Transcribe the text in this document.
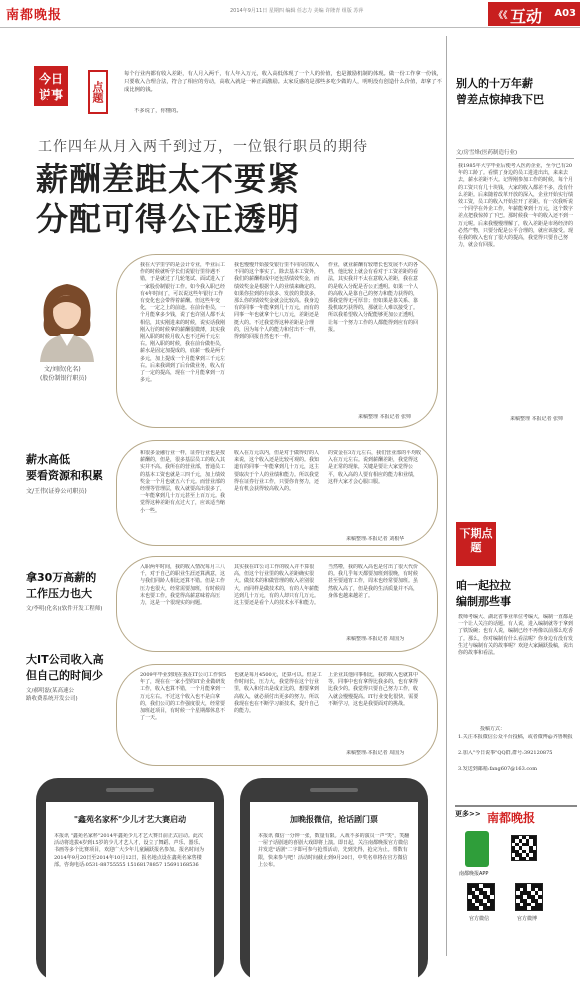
南都晚报	2014年9月11日 星期四 编辑 任志力 美编 许隆青 组版 苏萍	《《 互动 A03
今日说事	点题
每个行业内都有收入差距，有人月入两千，有人年入万元，收入高低体现了一个人的价值，也是激励机制的体现。做一份工作拿一份钱，只要收入合理合法，符合了相应的劳动，高收入就是一种正面激励。太家反感的是那些多吃少做的人，明明没有创造什么价值，却拿了不成比例的钱。
不多说了，你懂的。
工作四年从月入两千到过万，一位银行职员的期待
薪酬差距太不要紧
分配可得公正透明
别人的十万年薪
曾差点惊掉我下巴
文/房雪烽(医药制造行业)
我1985年大学毕业后便考入医药企业，至今已有20年的工龄了。看惯了身边的员工进进出出，来来去去，薪水差距不大。记得刚参加工作的时候，每个月的工资只有几十块钱，大家的收入都差不多，没有什么差距。后来随着改革开放的深入，企业开始实行绩效工资，员工的收入开始拉开了差距。有一次我听说一个同学在外企工作，年薪能拿到十万元，这个数字差点把我惊掉了下巴。那时候我一年的收入还不到一万元呢。后来我慢慢理解了，收入差距是市场经济的必然产物，只要分配是公平合理的，就应该接受。现在我的收入也有了很大的提高，我觉得只要自己努力，就会有回报。
来稿整理 本报记者 张帅
下期点题
咱一起拉拉
编制那些事
教师考编大、湖北省事业单位考编大，编制一直都是一个让人关注的话题。有人说，进入编制就等于拿到了铁饭碗；也有人说，编制已经不再像以前那么吃香了。那么，你对编制有什么看法呢？你身边有没有发生过与编制有关的故事呢？欢迎大家踊跃投稿，说出你的故事和看法。
投稿方式：
1.关注本报微信公众平台投稿，或者微博@齐鲁晚报
2.加入"今日说事"QQ群,群号:392120875
3.发送到邮箱:fang607@163.com
更多>> 南都晚报
南都晚报APP
官方微信	官方微博
文/刘欣(化名)
(股份制银行职员)
薪水高低
要看资源和积累
文/王伟(证券公司职员)
拿30万高薪的
工作压力也大
文/李明(化名)(软件开发工程师)
大IT公司收入高
但自己的时间少
文/郝明磊(某高速公
路收费系统开发公司)
我在大学里学的是会计专业，毕业后工作的时候就听学长们说银行里待遇不错，于是就过了几轮笔试、面试进入了一家股份制银行工作。如今我入职已经有4年时间了，可以说这些年银行工作有变化也会带得着薪酬。但这些年变化，一定之上的前途。在前台柜员，一个月能拿多少钱，说了也许别人都不太相信，其实刚进来的时候，说实话我刚刚入行的时候拿的薪酬很微薄，其实我刚入职的时候月收入也不过两千元左右。刚入职的时候，我在前台做柜员，薪水是固定加提成的，底薪一般是两千多元，加上提成一个月能拿到三千元左右。后来我调到了后台做业务，收入有了一定的提高，现在一个月能拿到一万多元。
我也慢慢开始接受银行里不同岗位收入不同的这个事实了。除去基本工资外，我们的薪酬构成中还包括绩效奖金，而绩效奖金是根据个人的业绩来确定的。如果你拉到的存款多、发放的贷款多，那么你的绩效奖金就会比较高。我身边有的同事一年能拿到几十万元，而有的同事一年也就拿个七八万元，差距还是挺大的。不过我觉得这种差距是合理的，因为每个人的能力和付出不一样，得到的回报自然也不一样。
作业，就业薪酬有较增长也发展不大的各档，他比较上就会有看对于工资差距的看法，其实我并不太在意收入差距，我在意的是收入分配是否公正透明。如果一个人的高收入是靠自己的努力和能力获得的，那我觉得无可厚非；但如果是靠关系、靠投机取巧获得的，那就让人难以接受了。所以我希望收入分配能够更加公正透明，让每一个努力工作的人都能得到应有的回报。
来稿整理 本报记者 张帅
和很多金融行业一样，证券行业也是按薪酬的，但是，很多基层员工的收入其实并不高。我所在的营业部，普通员工的基本工资也就是三四千元，加上绩效奖金一个月也就五六千元。而营业部的经理等管理层，收入就要高出很多了，一年能拿到几十万元甚至上百万元。我觉得这种差距有点过大了，应该适当缩小一些。
收入在万元以内，但是对于做得好的人来说，这个收入还是比较可观的。我知道有的同事一年能拿到几十万元，这主要取决于个人的业绩和能力。所以我觉得在证券行业工作，只要你肯努力，还是有机会获得较高收入的。
的资金在3万元左右，我们营业部的平均收入在万元左右。说到薪酬差距，我觉得这是正常的现象，关键是要让大家觉得公平，收入高的人要有相应的能力和业绩，这样大家才会心服口服。
来稿整理:本报记者 刘根华
入职两年时间，我的收入情况每月三八千，对于自己的职业生涯还算满意，这与我们同龄人相比还算不错。但是工作压力也很大，经常需要加班，有时候周末也要工作。我觉得高薪意味着高压力，这是一个很现实的问题。
其实我在IT公司工作的收入并不算很高，但这个行业里的收入差距确实很大。做技术的和做管理的收入差别很大，而同样是做技术的，有的人年薪能达到几十万元，有的人却只有几万元。这主要还是看个人的技术水平和能力。
当然啦，我的收入高也是付出了很大代价的。我几乎每天都要加班到很晚，有时候甚至要通宵工作，周末也经常要加班。虽然收入高了，但是我的生活质量并不高，身体也越来越差了。
来稿整理:本报记者 周国为
2009年毕业到现在我在IT公司工作快5年了，现在在一家小型的IT企业做研发工作，收入也算不错，一个月能拿到一万元左右。不过这个收入也不是白拿的，我们公司的工作强度很大，经常要加班赶项目，有时候一个星期都休息不了一天。
也就是每月4500元，还算可以。但是工作时间长，压力大，我觉得在这个行业里，收入和付出是成正比的，想要拿到高收入，就必须付出更多的努力。所以我现在也在不断学习新技术，提升自己的能力。
上企业其他同事相比，我的收入也就算中等，同事中也有拿得比我多的，也有拿得比我少的。我觉得只要自己努力工作，收入就会慢慢提高。IT行业变化很快，需要不断学习，这也是我要面对的挑战。
来稿整理:本报记者 周国为
"鑫苑名家杯"少儿才艺大赛启动
本报讯 "鑫苑名家杯"2014年鑫苑少儿才艺大赛日前正式启动。此次活动将选拔4岁到15岁的少儿才艺人才，设立了舞蹈、声乐、器乐、书画等多个比赛项目，欢迎广大少年儿童踊跃报名参加。报名时间为2014年9月20日至2014年10月12日，报名地点设在鑫苑名家售楼部。咨询电话:0531-88755555 15168178857 15691168536
加晚报微信，抢话剧门票
本报讯 微信一分钟一张，数量有限。入戏不多的演员一声"笑"，笑翻一屋子话剧迷的喜剧大戏即将上演。即日起，关注南都晚报官方微信并发送"话剧"二字即可参与抢票活动，先到先得，抢完为止。票数有限，快来参与吧！活动时间截止到9月20日，中奖名单将在官方微信上公布。
